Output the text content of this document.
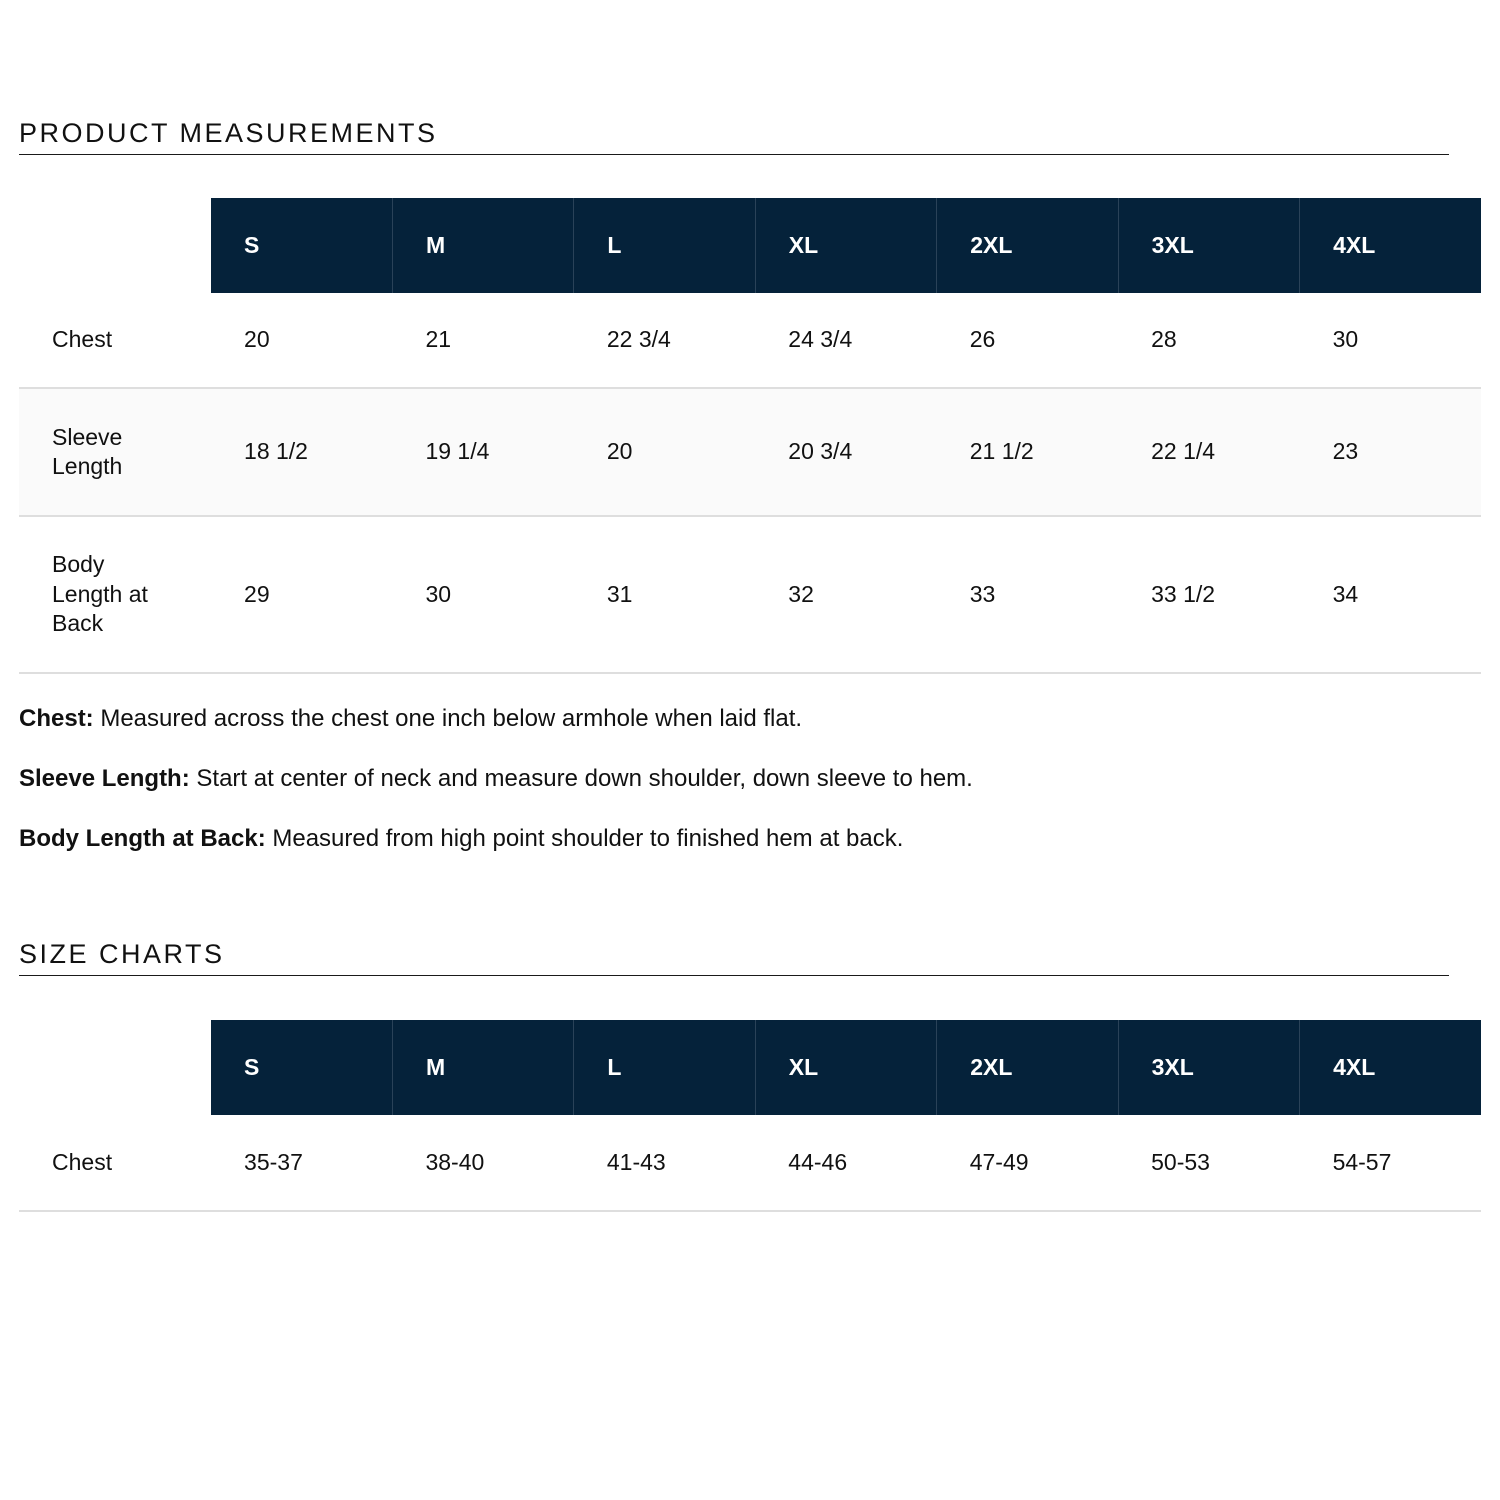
PRODUCT MEASUREMENTS
	S	M	L	XL	2XL	3XL	4XL

Chest	20	21	22 3/4	24 3/4	26	28	30

Sleeve Length	18 1/2	19 1/4	20	20 3/4	21 1/2	22 1/4	23

Body Length at Back	29	30	31	32	33	33 1/2	34

Chest: Measured across the chest one inch below armhole when laid flat.

Sleeve Length: Start at center of neck and measure down shoulder, down sleeve to hem.

Body Length at Back: Measured from high point shoulder to finished hem at back.

SIZE CHARTS
	S	M	L	XL	2XL	3XL	4XL

Chest	35-37	38-40	41-43	44-46	47-49	50-53	54-57
